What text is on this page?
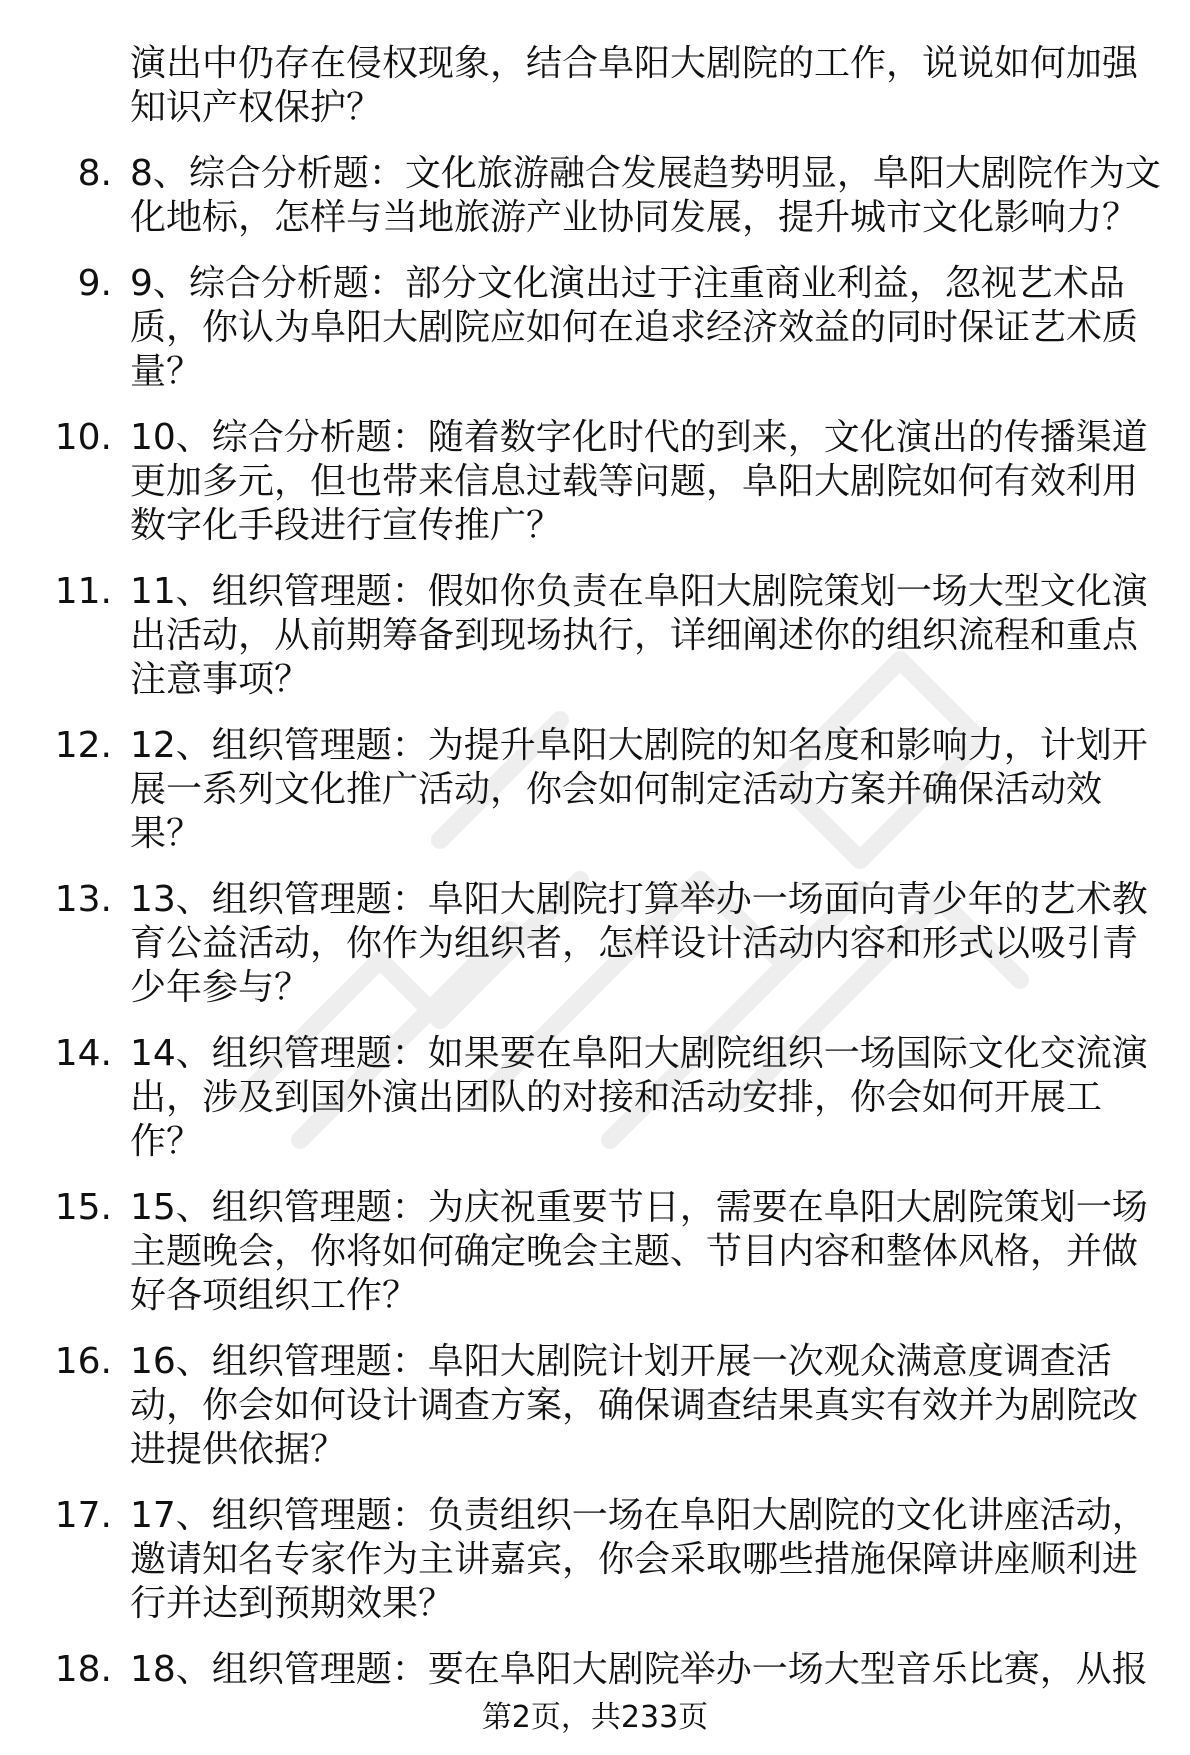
演出中仍存在侵权现象，结合阜阳大剧院的工作，说说如何加强知识产权保护？
8. 8、综合分析题：文化旅游融合发展趋势明显，阜阳大剧院作为文化地标，怎样与当地旅游产业协同发展，提升城市文化影响力？
9. 9、综合分析题：部分文化演出过于注重商业利益，忽视艺术品质，你认为阜阳大剧院应如何在追求经济效益的同时保证艺术质量？
10. 10、综合分析题：随着数字化时代的到来，文化演出的传播渠道更加多元，但也带来信息过载等问题，阜阳大剧院如何有效利用数字化手段进行宣传推广？
11. 11、组织管理题：假如你负责在阜阳大剧院策划一场大型文化演出活动，从前期筹备到现场执行，详细阐述你的组织流程和重点注意事项？
12. 12、组织管理题：为提升阜阳大剧院的知名度和影响力，计划开展一系列文化推广活动，你会如何制定活动方案并确保活动效果？
13. 13、组织管理题：阜阳大剧院打算举办一场面向青少年的艺术教育公益活动，你作为组织者，怎样设计活动内容和形式以吸引青少年参与？
14. 14、组织管理题：如果要在阜阳大剧院组织一场国际文化交流演出，涉及到国外演出团队的对接和活动安排，你会如何开展工作？
15. 15、组织管理题：为庆祝重要节日，需要在阜阳大剧院策划一场主题晚会，你将如何确定晚会主题、节目内容和整体风格，并做好各项组织工作？
16. 16、组织管理题：阜阳大剧院计划开展一次观众满意度调查活动，你会如何设计调查方案，确保调查结果真实有效并为剧院改进提供依据？
17. 17、组织管理题：负责组织一场在阜阳大剧院的文化讲座活动，邀请知名专家作为主讲嘉宾，你会采取哪些措施保障讲座顺利进行并达到预期效果？
18. 18、组织管理题：要在阜阳大剧院举办一场大型音乐比赛，从报
第2页，共233页
